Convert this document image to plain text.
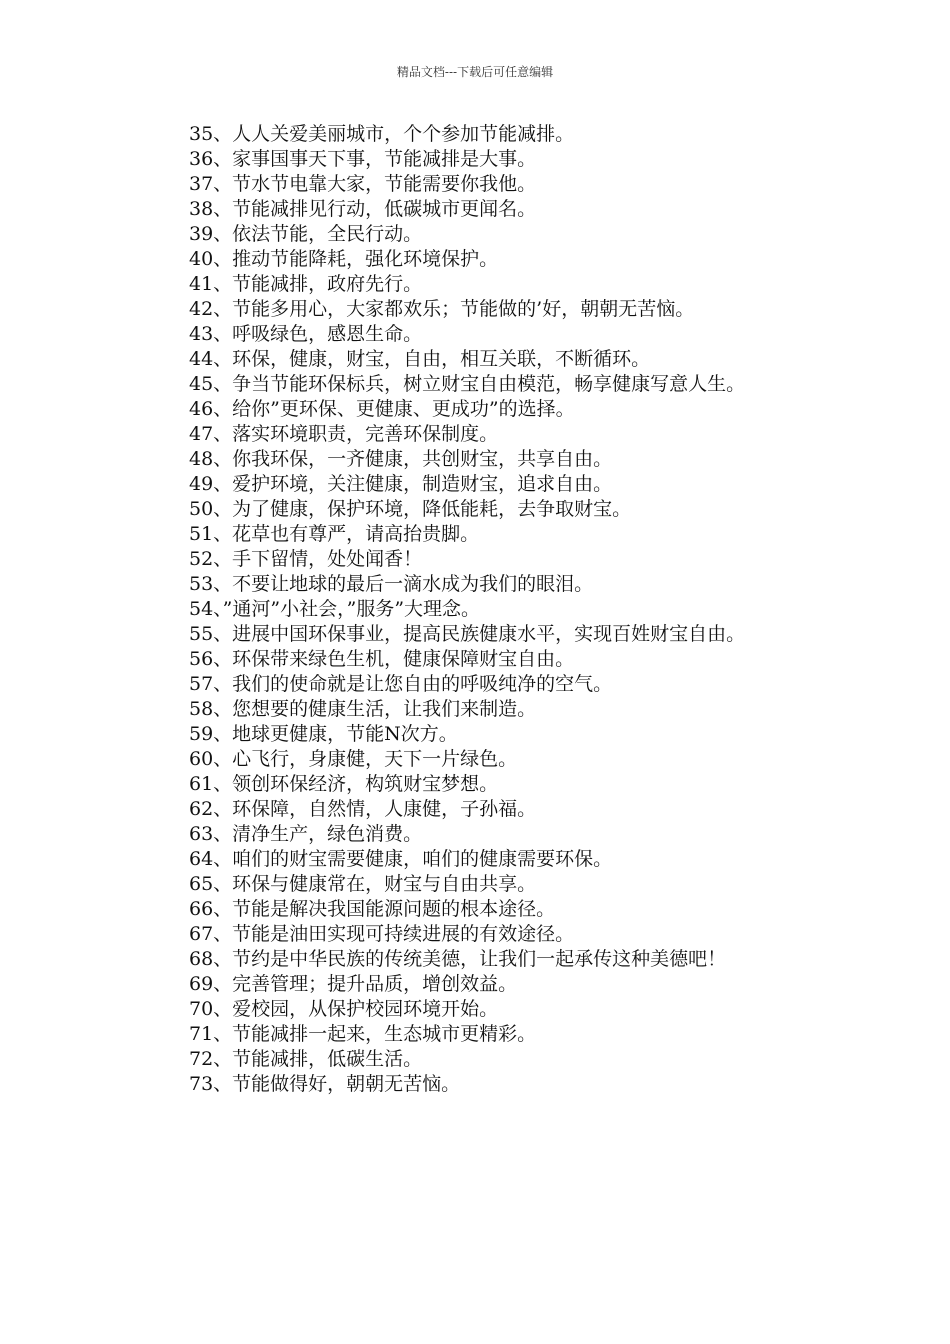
精品文档---下载后可任意编辑
35、人人关爱美丽城市，个个参加节能减排。
36、家事国事天下事，节能减排是大事。
37、节水节电靠大家，节能需要你我他。
38、节能减排见行动，低碳城市更闻名。
39、依法节能，全民行动。
40、推动节能降耗，强化环境保护。
41、节能减排，政府先行。
42、节能多用心，大家都欢乐；节能做的’好，朝朝无苦恼。
43、呼吸绿色，感恩生命。
44、环保，健康，财宝，自由，相互关联，不断循环。
45、争当节能环保标兵，树立财宝自由模范，畅享健康写意人生。
46、给你”更环保、更健康、更成功”的选择。
47、落实环境职责，完善环保制度。
48、你我环保，一齐健康，共创财宝，共享自由。
49、爱护环境，关注健康，制造财宝，追求自由。
50、为了健康，保护环境，降低能耗，去争取财宝。
51、花草也有尊严，请高抬贵脚。
52、手下留情，处处闻香！
53、不要让地球的最后一滴水成为我们的眼泪。
54、”通河”小社会，”服务”大理念。
55、进展中国环保事业，提高民族健康水平，实现百姓财宝自由。
56、环保带来绿色生机，健康保障财宝自由。
57、我们的使命就是让您自由的呼吸纯净的空气。
58、您想要的健康生活，让我们来制造。
59、地球更健康，节能N次方。
60、心飞行，身康健，天下一片绿色。
61、领创环保经济，构筑财宝梦想。
62、环保障，自然情，人康健，子孙福。
63、清净生产，绿色消费。
64、咱们的财宝需要健康，咱们的健康需要环保。
65、环保与健康常在，财宝与自由共享。
66、节能是解决我国能源问题的根本途径。
67、节能是油田实现可持续进展的有效途径。
68、节约是中华民族的传统美德，让我们一起承传这种美德吧！
69、完善管理；提升品质，增创效益。
70、爱校园，从保护校园环境开始。
71、节能减排一起来，生态城市更精彩。
72、节能减排，低碳生活。
73、节能做得好，朝朝无苦恼。
